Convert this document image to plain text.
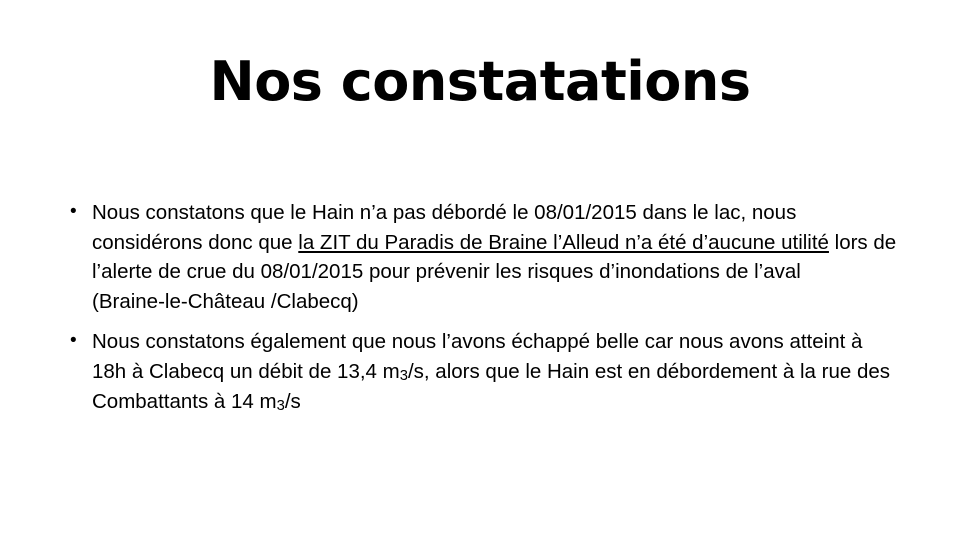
Nos constatations
• Nous constatons que le Hain n’a pas débordé le 08/01/2015 dans le lac, nous considérons donc que la ZIT du Paradis de Braine l’Alleud n’a été d’aucune utilité lors de l’alerte de crue du 08/01/2015 pour prévenir les risques d’inondations de l’aval
(Braine-le-Château /Clabecq)
• Nous constatons également que nous l’avons échappé belle car nous avons atteint à 18h à Clabecq un débit de 13,4 m3/s, alors que le Hain est en débordement à la rue des Combattants à 14 m3/s
